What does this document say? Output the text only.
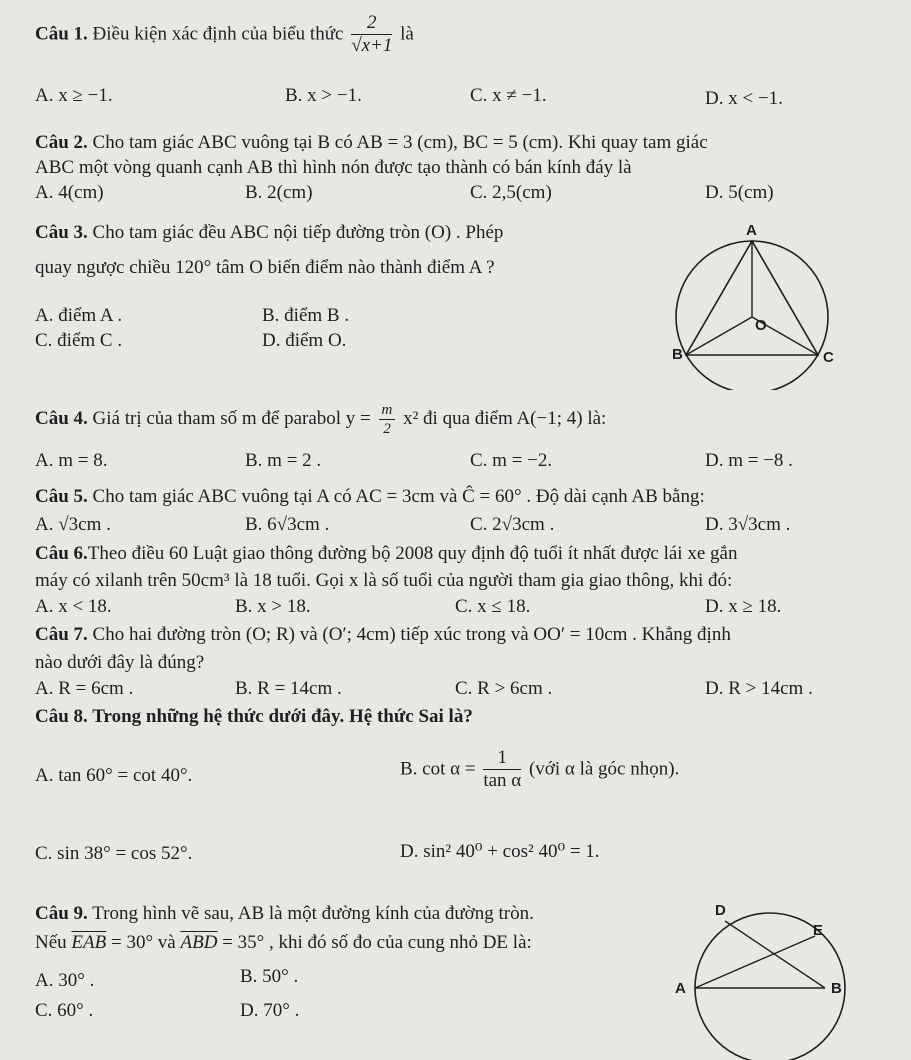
Câu 1. Điều kiện xác định của biểu thức $\frac{2}{√x+1}$ là
A. x ≥ −1.	B. x > −1.	C. x ≠ −1.	D. x < −1.
Câu 2. Cho tam giác ABC vuông tại B có AB = 3 (cm), BC = 5 (cm). Khi quay tam giác
ABC một vòng quanh cạnh AB thì hình nón được tạo thành có bán kính đáy là
A. 4(cm)	B. 2(cm)	C. 2,5(cm)	D. 5(cm)
Câu 3. Cho tam giác đều ABC nội tiếp đường tròn (O) . Phép
quay ngược chiều 120° tâm O biến điểm nào thành điểm A ?
A. điểm A .	B. điểm B .
C. điểm C .	D. điểm O.
A
O
B	C
Câu 4. Giá trị của tham số m để parabol $y = \frac{m}{2} x^2$ đi qua điểm A(−1; 4) là:
A. m = 8.	B. m = 2 .	C. m = −2.	D. m = −8 .
Câu 5. Cho tam giác ABC vuông tại A có AC = 3cm và Ĉ = 60° . Độ dài cạnh AB bằng:
A. √3cm .	B. 6√3cm .	C. 2√3cm .	D. 3√3cm .
Câu 6.Theo điều 60 Luật giao thông đường bộ 2008 quy định độ tuổi ít nhất được lái xe gắn
máy có xilanh trên 50cm³ là 18 tuổi. Gọi x là số tuổi của người tham gia giao thông, khi đó:
A. x < 18.	B. x > 18.	C. x ≤ 18.	D. x ≥ 18.
Câu 7. Cho hai đường tròn (O; R) và (O′; 4cm) tiếp xúc trong và OO′ = 10cm . Khẳng định
nào dưới đây là đúng?
A. R = 6cm .	B. R = 14cm .	C. R > 6cm .	D. R > 14cm .
Câu 8. Trong những hệ thức dưới đây. Hệ thức Sai là?
A. tan 60° = cot 40°.	B. $\cot \alpha = \frac{1}{\text{tan α}}$ (với α là góc nhọn).
C. sin 38° = cos 52°.	D. sin² 40⁰ + cos² 40⁰ = 1.
Câu 9. Trong hình vẽ sau, AB là một đường kính của đường tròn.
Nếu $\overline{EAB} = 30^\circ$ và $\overline{ABD} = 35^\circ$ , khi đó số đo của cung nhỏ DE là:
A. 30° .	B. 50° .
C. 60° .	D. 70° .
D
E
A	B
